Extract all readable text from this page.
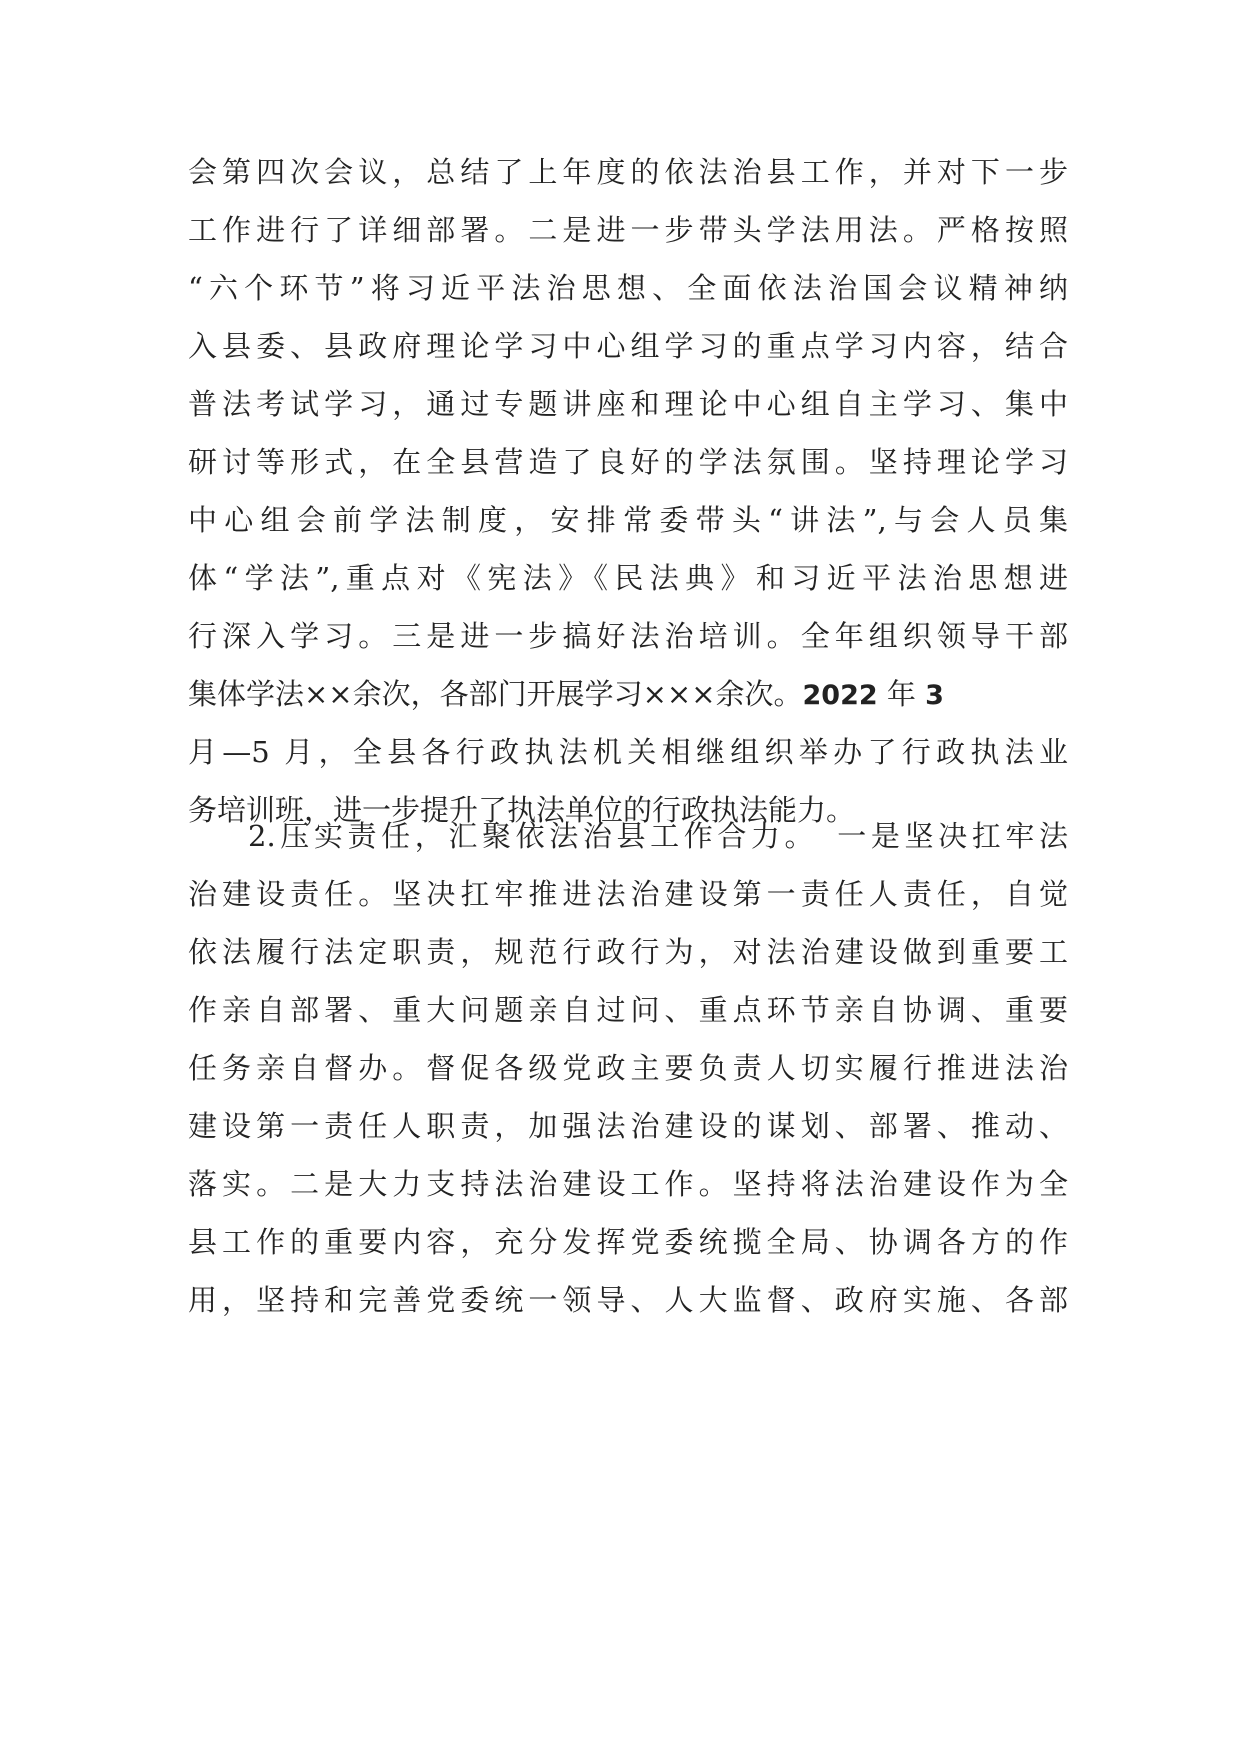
会第四次会议，总结了上年度的依法治县工作，并对下一步
工作进行了详细部署。二是进一步带头学法用法。严格按照
“六个环节”将习近平法治思想、全面依法治国会议精神纳
入县委、县政府理论学习中心组学习的重点学习内容，结合
普法考试学习，通过专题讲座和理论中心组自主学习、集中
研讨等形式，在全县营造了良好的学法氛围。坚持理论学习
中心组会前学法制度，安排常委带头“讲法”,与会人员集
体“学法”,重点对《宪法》《民法典》和习近平法治思想进
行深入学习。三是进一步搞好法治培训。全年组织领导干部
集体学法××余次，各部门开展学习×××余次。2022 年 3
月—5 月，全县各行政执法机关相继组织举办了行政执法业
务培训班，进一步提升了执法单位的行政执法能力。
2.压实责任，汇聚依法治县工作合力。　一是坚决扛牢法
治建设责任。坚决扛牢推进法治建设第一责任人责任，自觉
依法履行法定职责，规范行政行为，对法治建设做到重要工
作亲自部署、重大问题亲自过问、重点环节亲自协调、重要
任务亲自督办。督促各级党政主要负责人切实履行推进法治
建设第一责任人职责，加强法治建设的谋划、部署、推动、
落实。二是大力支持法治建设工作。坚持将法治建设作为全
县工作的重要内容，充分发挥党委统揽全局、协调各方的作
用，坚持和完善党委统一领导、人大监督、政府实施、各部
